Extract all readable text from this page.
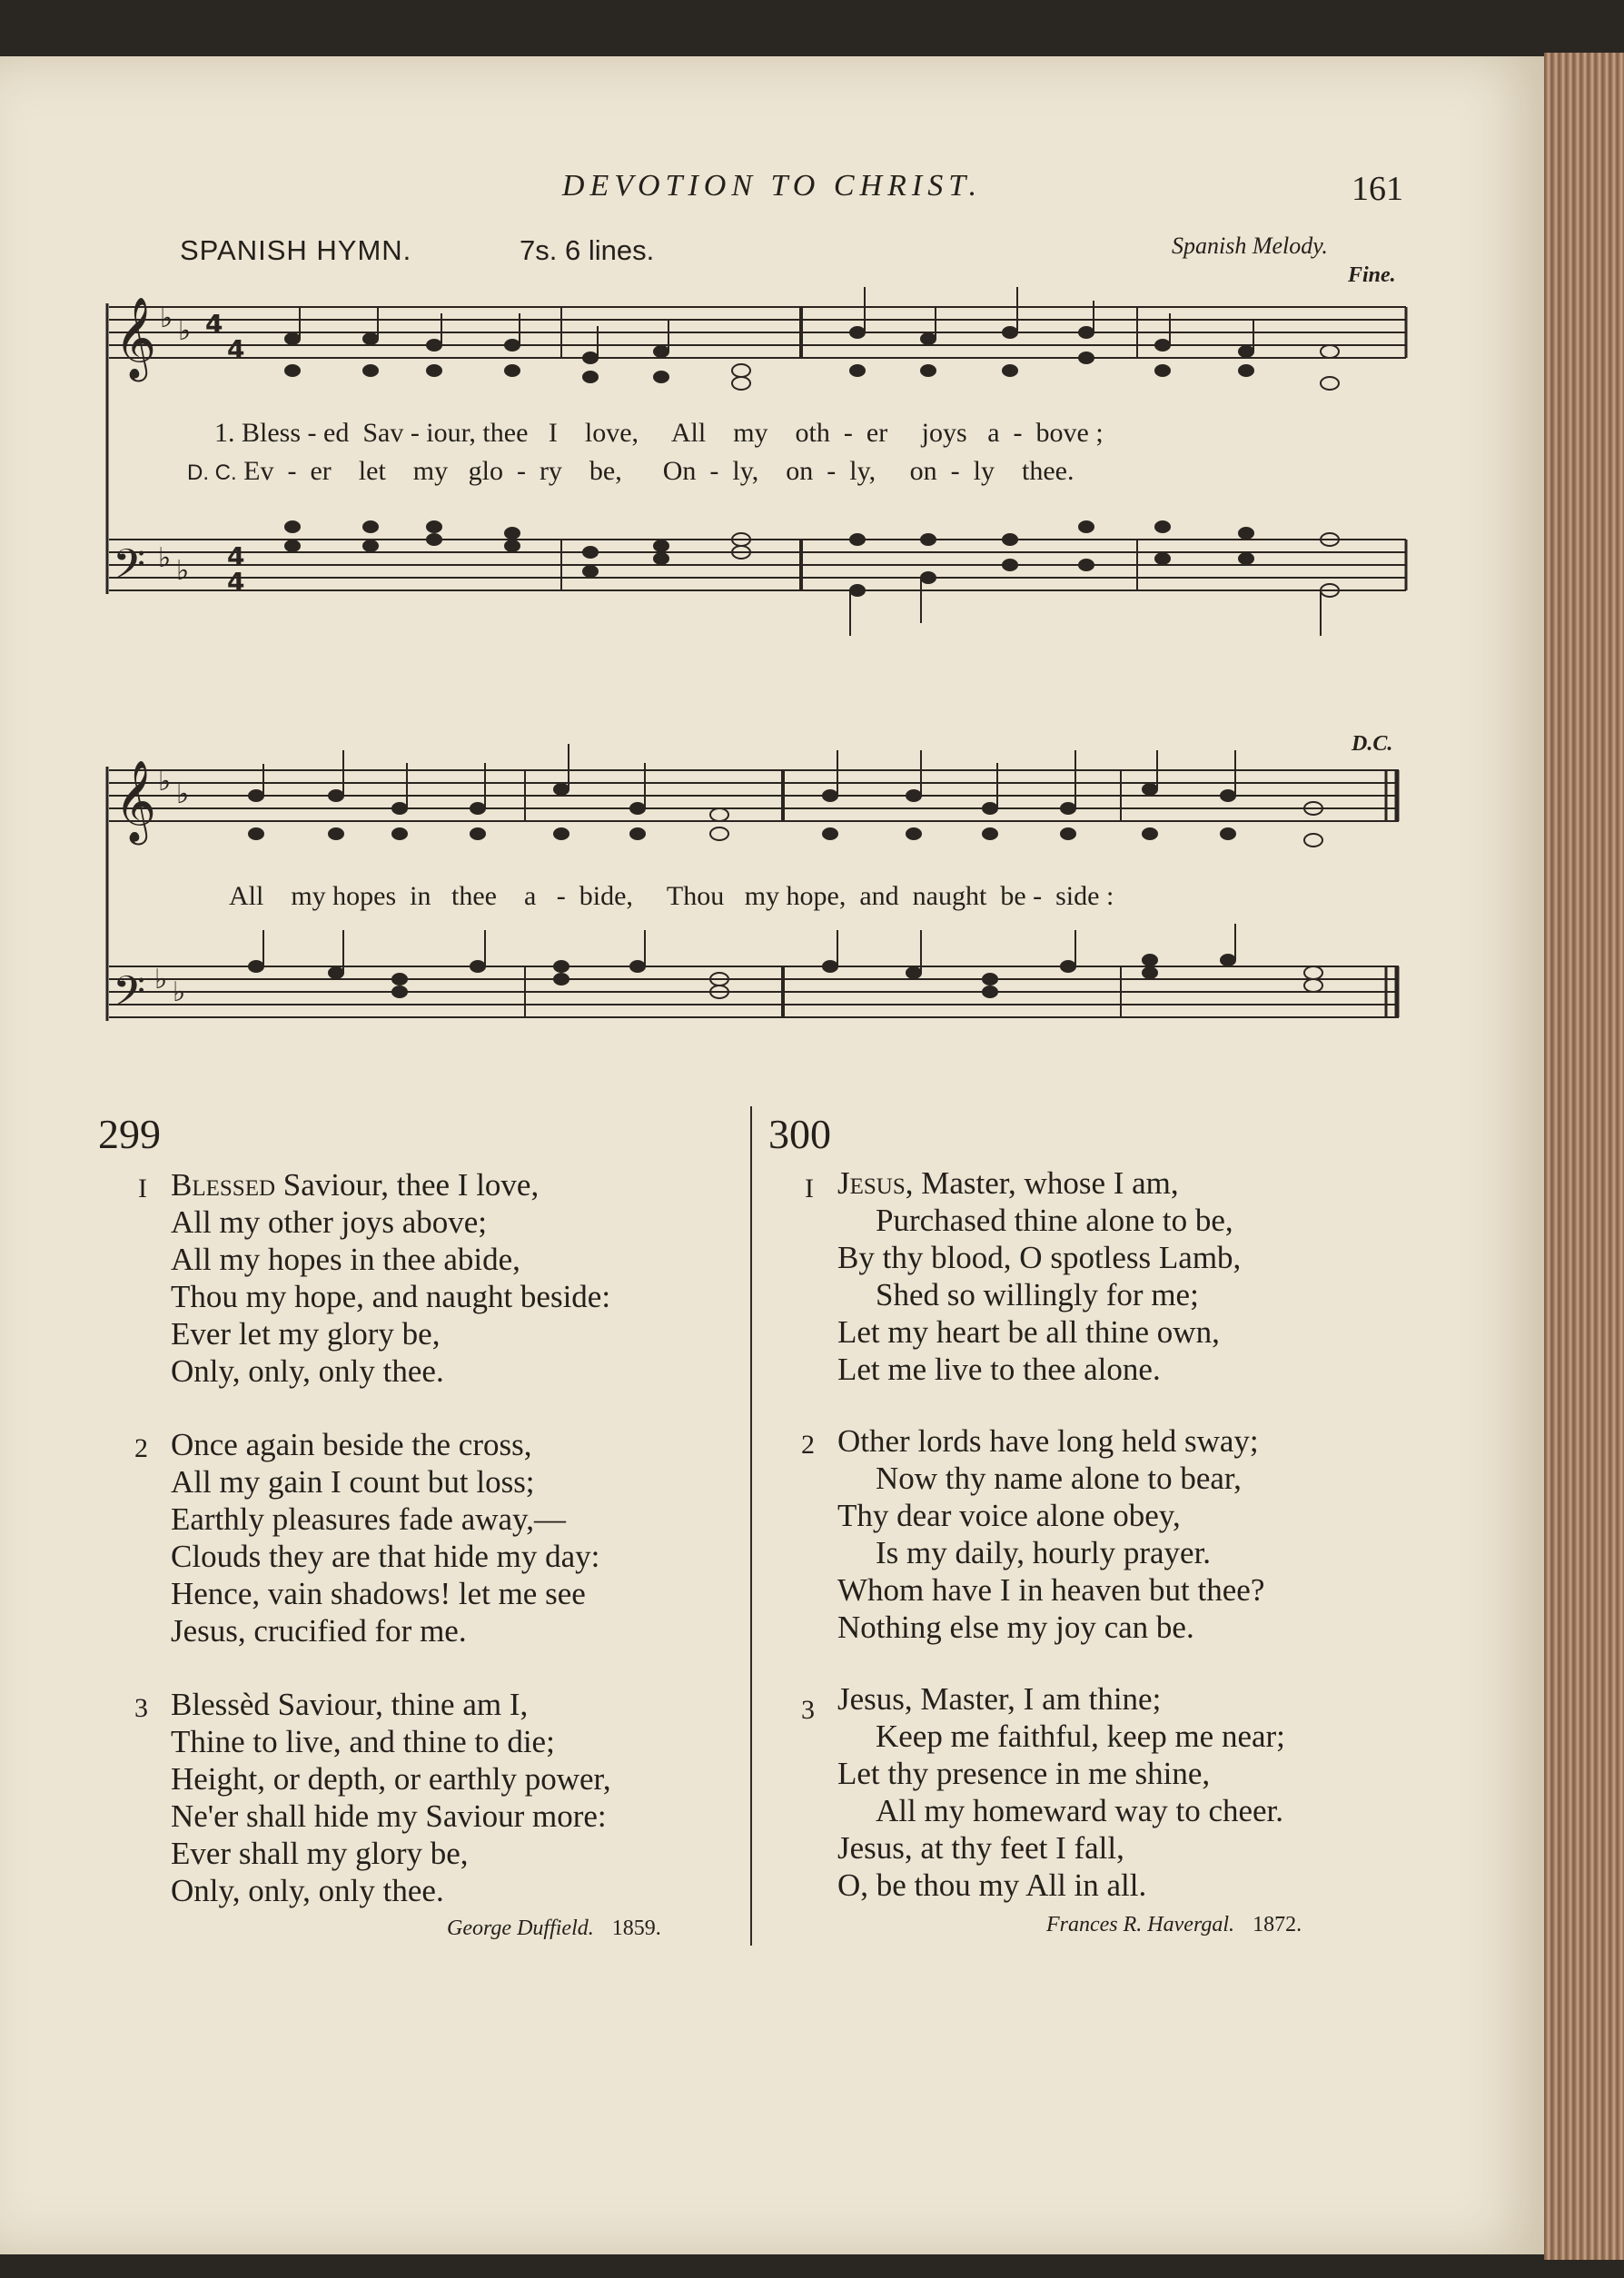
DEVOTION TO CHRIST.	161
SPANISH HYMN.	7s. 6 lines.	Spanish Melody.
Fine.
D.C.
𝄞
𝄞
𝄢
𝄢
♭ ♭
♭ ♭
♭ ♭
♭ ♭
4
4
4
4
1. Bless - ed  Sav - iour, thee   I    love,     All    my    oth  -  er     joys   a  -  bove ;
D. C. Ev  -  er    let    my   glo  -  ry    be,      On  -  ly,    on  -  ly,     on  -  ly    thee.
All    my hopes  in   thee    a   -  bide,     Thou   my hope,  and  naught  be -  side :
299
I Blessed Saviour, thee I love,
All my other joys above;
All my hopes in thee abide,
Thou my hope, and naught beside:
Ever let my glory be,
Only, only, only thee.
2 Once again beside the cross,
All my gain I count but loss;
Earthly pleasures fade away,—
Clouds they are that hide my day:
Hence, vain shadows! let me see
Jesus, crucified for me.
3 Blessèd Saviour, thine am I,
Thine to live, and thine to die;
Height, or depth, or earthly power,
Ne'er shall hide my Saviour more:
Ever shall my glory be,
Only, only, only thee.
George Duffield. 1859.
300
I Jesus, Master, whose I am,
Purchased thine alone to be,
By thy blood, O spotless Lamb,
Shed so willingly for me;
Let my heart be all thine own,
Let me live to thee alone.
2 Other lords have long held sway;
Now thy name alone to bear,
Thy dear voice alone obey,
Is my daily, hourly prayer.
Whom have I in heaven but thee?
Nothing else my joy can be.
3 Jesus, Master, I am thine;
Keep me faithful, keep me near;
Let thy presence in me shine,
All my homeward way to cheer.
Jesus, at thy feet I fall,
O, be thou my All in all.
Frances R. Havergal. 1872.
